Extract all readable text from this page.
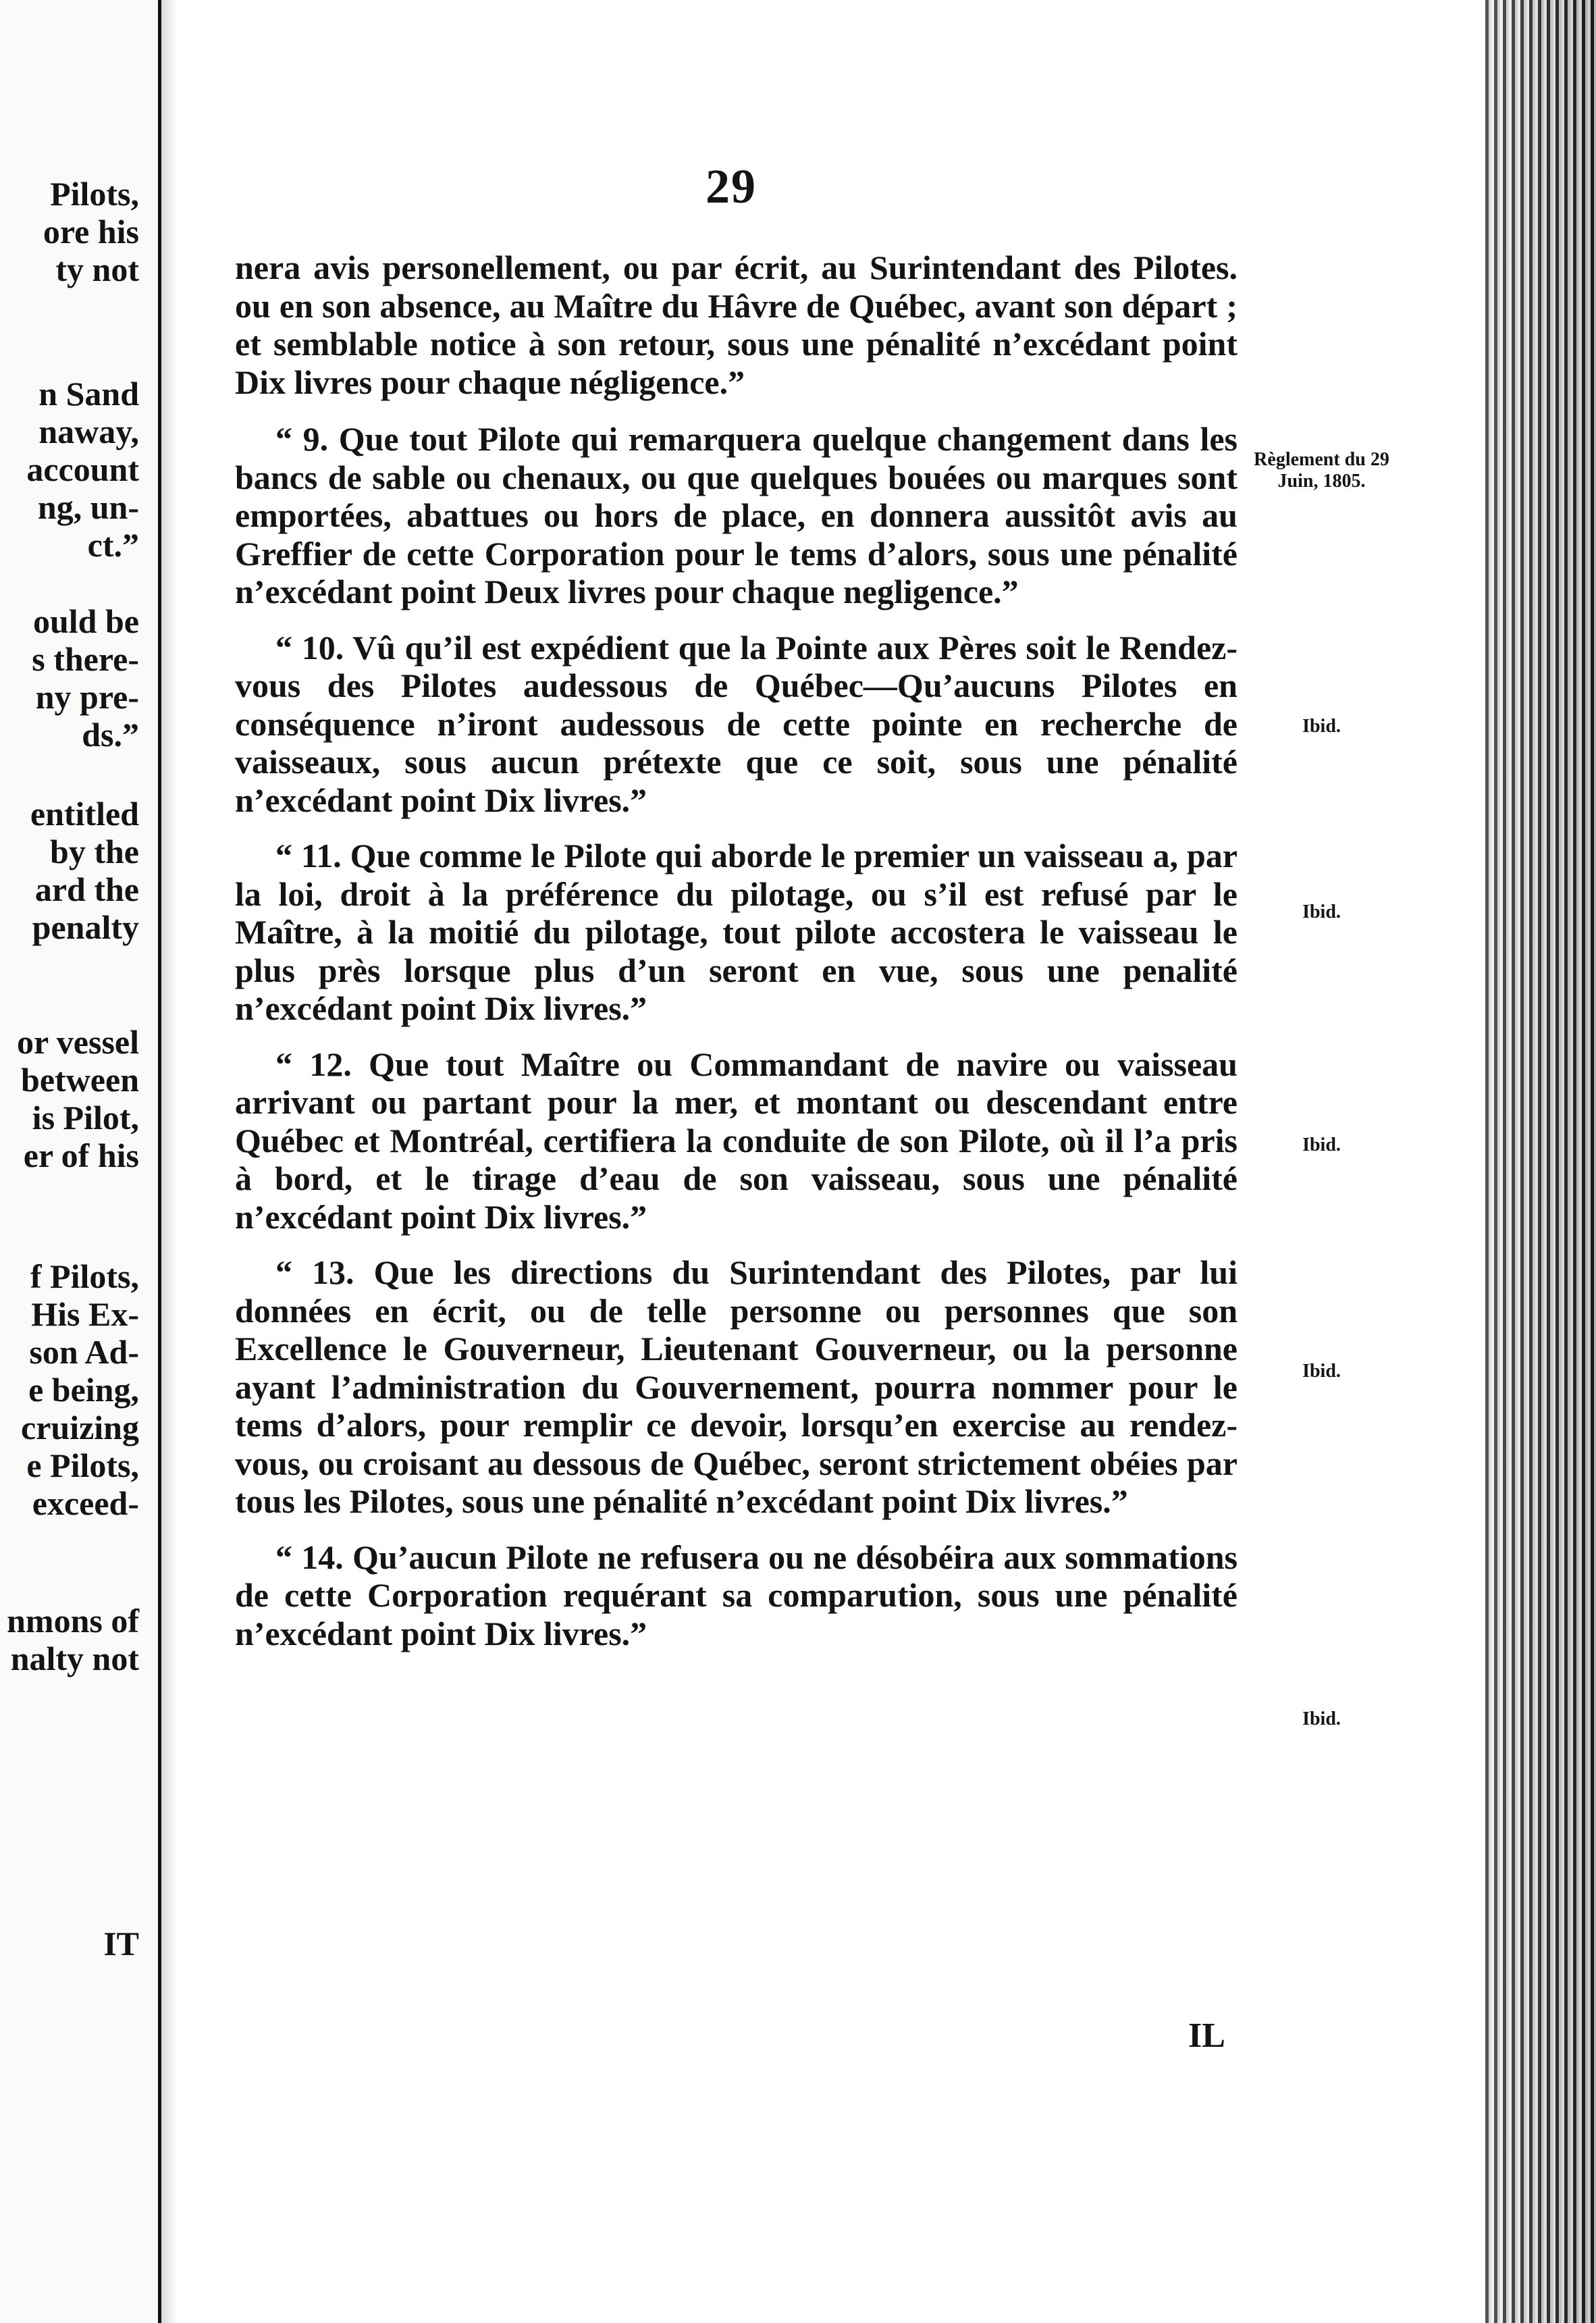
Pilots,
ore his
ty not
n Sand
naway,
account
ng, un-
ct.”
ould be
s there-
ny pre-
ds.”
entitled
by the
ard the
penalty
or vessel
between
is Pilot,
er of his
f Pilots,
His Ex-
son Ad-
e being,
cruizing
e Pilots,
exceed-
nmons of
nalty not
IT
29

nera avis personellement, ou par écrit, au Surintendant des Pilotes. ou en son absence, au Maître du Hâvre de Québec, avant son départ ; et semblable notice à son retour, sous une pénalité n’excédant point Dix livres pour chaque négligence.”

“ 9. Que tout Pilote qui remarquera quelque changement dans les bancs de sable ou chenaux, ou que quelques bouées ou marques sont emportées, abattues ou hors de place, en donnera aussitôt avis au Greffier de cette Corporation pour le tems d’alors, sous une pénalité n’excédant point Deux livres pour chaque negligence.”

“ 10. Vû qu’il est expédient que la Pointe aux Pères soit le Rendez-vous des Pilotes audessous de Québec—Qu’aucuns Pilotes en conséquence n’iront audessous de cette pointe en recherche de vaisseaux, sous aucun prétexte que ce soit, sous une pénalité n’excédant point Dix livres.”

“ 11. Que comme le Pilote qui aborde le premier un vaisseau a, par la loi, droit à la préférence du pilotage, ou s’il est refusé par le Maître, à la moitié du pilotage, tout pilote accostera le vaisseau le plus près lorsque plus d’un seront en vue, sous une penalité n’excédant point Dix livres.”

“ 12. Que tout Maître ou Commandant de navire ou vaisseau arrivant ou partant pour la mer, et montant ou descendant entre Québec et Montréal, certifiera la conduite de son Pilote, où il l’a pris à bord, et le tirage d’eau de son vaisseau, sous une pénalité n’excédant point Dix livres.”

“ 13. Que les directions du Surintendant des Pilotes, par lui données en écrit, ou de telle personne ou personnes que son Excellence le Gouverneur, Lieutenant Gouverneur, ou la personne ayant l’administration du Gouvernement, pourra nommer pour le tems d’alors, pour remplir ce devoir, lorsqu’en exercise au rendez-vous, ou croisant au dessous de Québec, seront strictement obéies par tous les Pilotes, sous une pénalité n’excédant point Dix livres.”

“ 14. Qu’aucun Pilote ne refusera ou ne désobéira aux sommations de cette Corporation requérant sa comparution, sous une pénalité n’excédant point Dix livres.”

Règlement du 29 Juin, 1805.
Ibid.
Ibid.
Ibid.
Ibid.
Ibid.
IL
